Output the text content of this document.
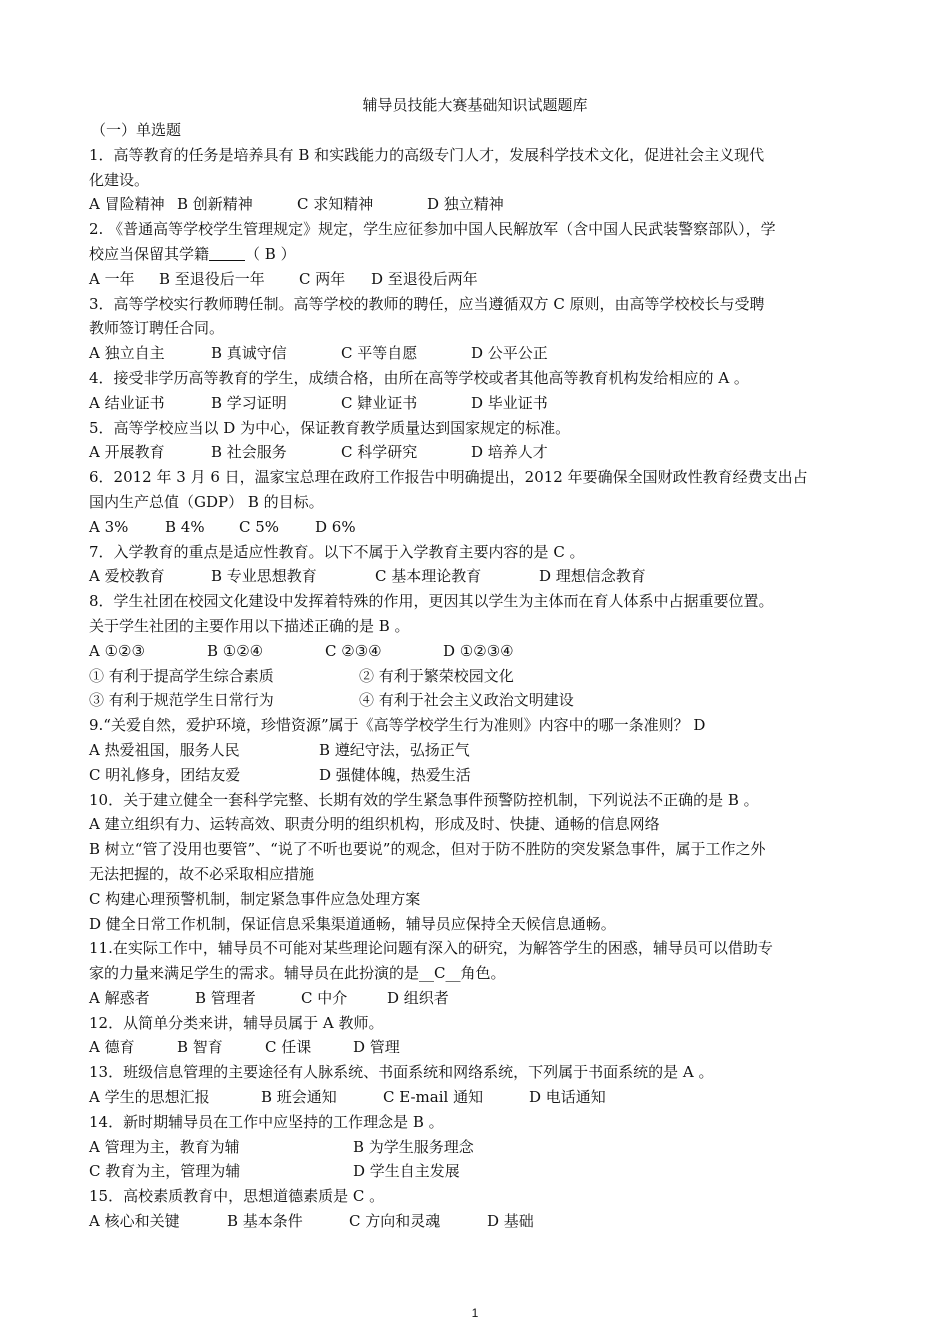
辅导员技能大赛基础知识试题题库
（一）单选题
1．高等教育的任务是培养具有 B 和实践能力的高级专门人才，发展科学技术文化，促进社会主义现代
化建设。
A 冒险精神 B 创新精神	C 求知精神	D 独立精神
2. 《普通高等学校学生管理规定》规定，学生应征参加中国人民解放军（含中国人民武装警察部队），学
校应当保留其学籍 （ B ）
A 一年	B 至退役后一年	C 两年	D 至退役后两年
3．高等学校实行教师聘任制。高等学校的教师的聘任，应当遵循双方 C 原则，由高等学校校长与受聘
教师签订聘任合同。
A 独立自主	B 真诚守信	C 平等自愿	D 公平公正
4．接受非学历高等教育的学生，成绩合格，由所在高等学校或者其他高等教育机构发给相应的 A 。
A 结业证书	B 学习证明	C 肄业证书	D 毕业证书
5．高等学校应当以 D 为中心，保证教育教学质量达到国家规定的标准。
A 开展教育	B 社会服务	C 科学研究	D 培养人才
6．2012 年 3 月 6 日，温家宝总理在政府工作报告中明确提出，2012 年要确保全国财政性教育经费支出占
国内生产总值（GDP） B 的目标。
A 3%	B 4%	C 5%	D 6%
7．入学教育的重点是适应性教育。以下不属于入学教育主要内容的是 C 。
A 爱校教育	B 专业思想教育	C 基本理论教育	D 理想信念教育
8．学生社团在校园文化建设中发挥着特殊的作用，更因其以学生为主体而在育人体系中占据重要位置。
关于学生社团的主要作用以下描述正确的是 B 。
A ①②③	B ①②④	C ②③④	D ①②③④
① 有利于提高学生综合素质	② 有利于繁荣校园文化
③ 有利于规范学生日常行为	④ 有利于社会主义政治文明建设
9.“关爱自然，爱护环境，珍惜资源”属于《高等学校学生行为准则》内容中的哪一条准则？ D
A 热爱祖国，服务人民	B 遵纪守法，弘扬正气
C 明礼修身，团结友爱	D 强健体魄，热爱生活
10．关于建立健全一套科学完整、长期有效的学生紧急事件预警防控机制，下列说法不正确的是 B 。
A 建立组织有力、运转高效、职责分明的组织机构，形成及时、快捷、通畅的信息网络
B 树立“管了没用也要管”、“说了不听也要说”的观念，但对于防不胜防的突发紧急事件，属于工作之外
无法把握的，故不必采取相应措施
C 构建心理预警机制，制定紧急事件应急处理方案
D 健全日常工作机制，保证信息采集渠道通畅，辅导员应保持全天候信息通畅。
11.在实际工作中，辅导员不可能对某些理论问题有深入的研究，为解答学生的困惑，辅导员可以借助专
家的力量来满足学生的需求。辅导员在此扮演的是__C__角色。
A 解惑者	B 管理者	C 中介	D 组织者
12．从简单分类来讲，辅导员属于 A 教师。
A 德育	B 智育	C 任课	D 管理
13．班级信息管理的主要途径有人脉系统、书面系统和网络系统，下列属于书面系统的是 A 。
A 学生的思想汇报	B 班会通知	C E-mail 通知	D 电话通知
14．新时期辅导员在工作中应坚持的工作理念是 B 。
A 管理为主，教育为辅	B 为学生服务理念
C 教育为主，管理为辅	D 学生自主发展
15．高校素质教育中，思想道德素质是 C 。
A 核心和关键	B 基本条件	C 方向和灵魂	D 基础
1
